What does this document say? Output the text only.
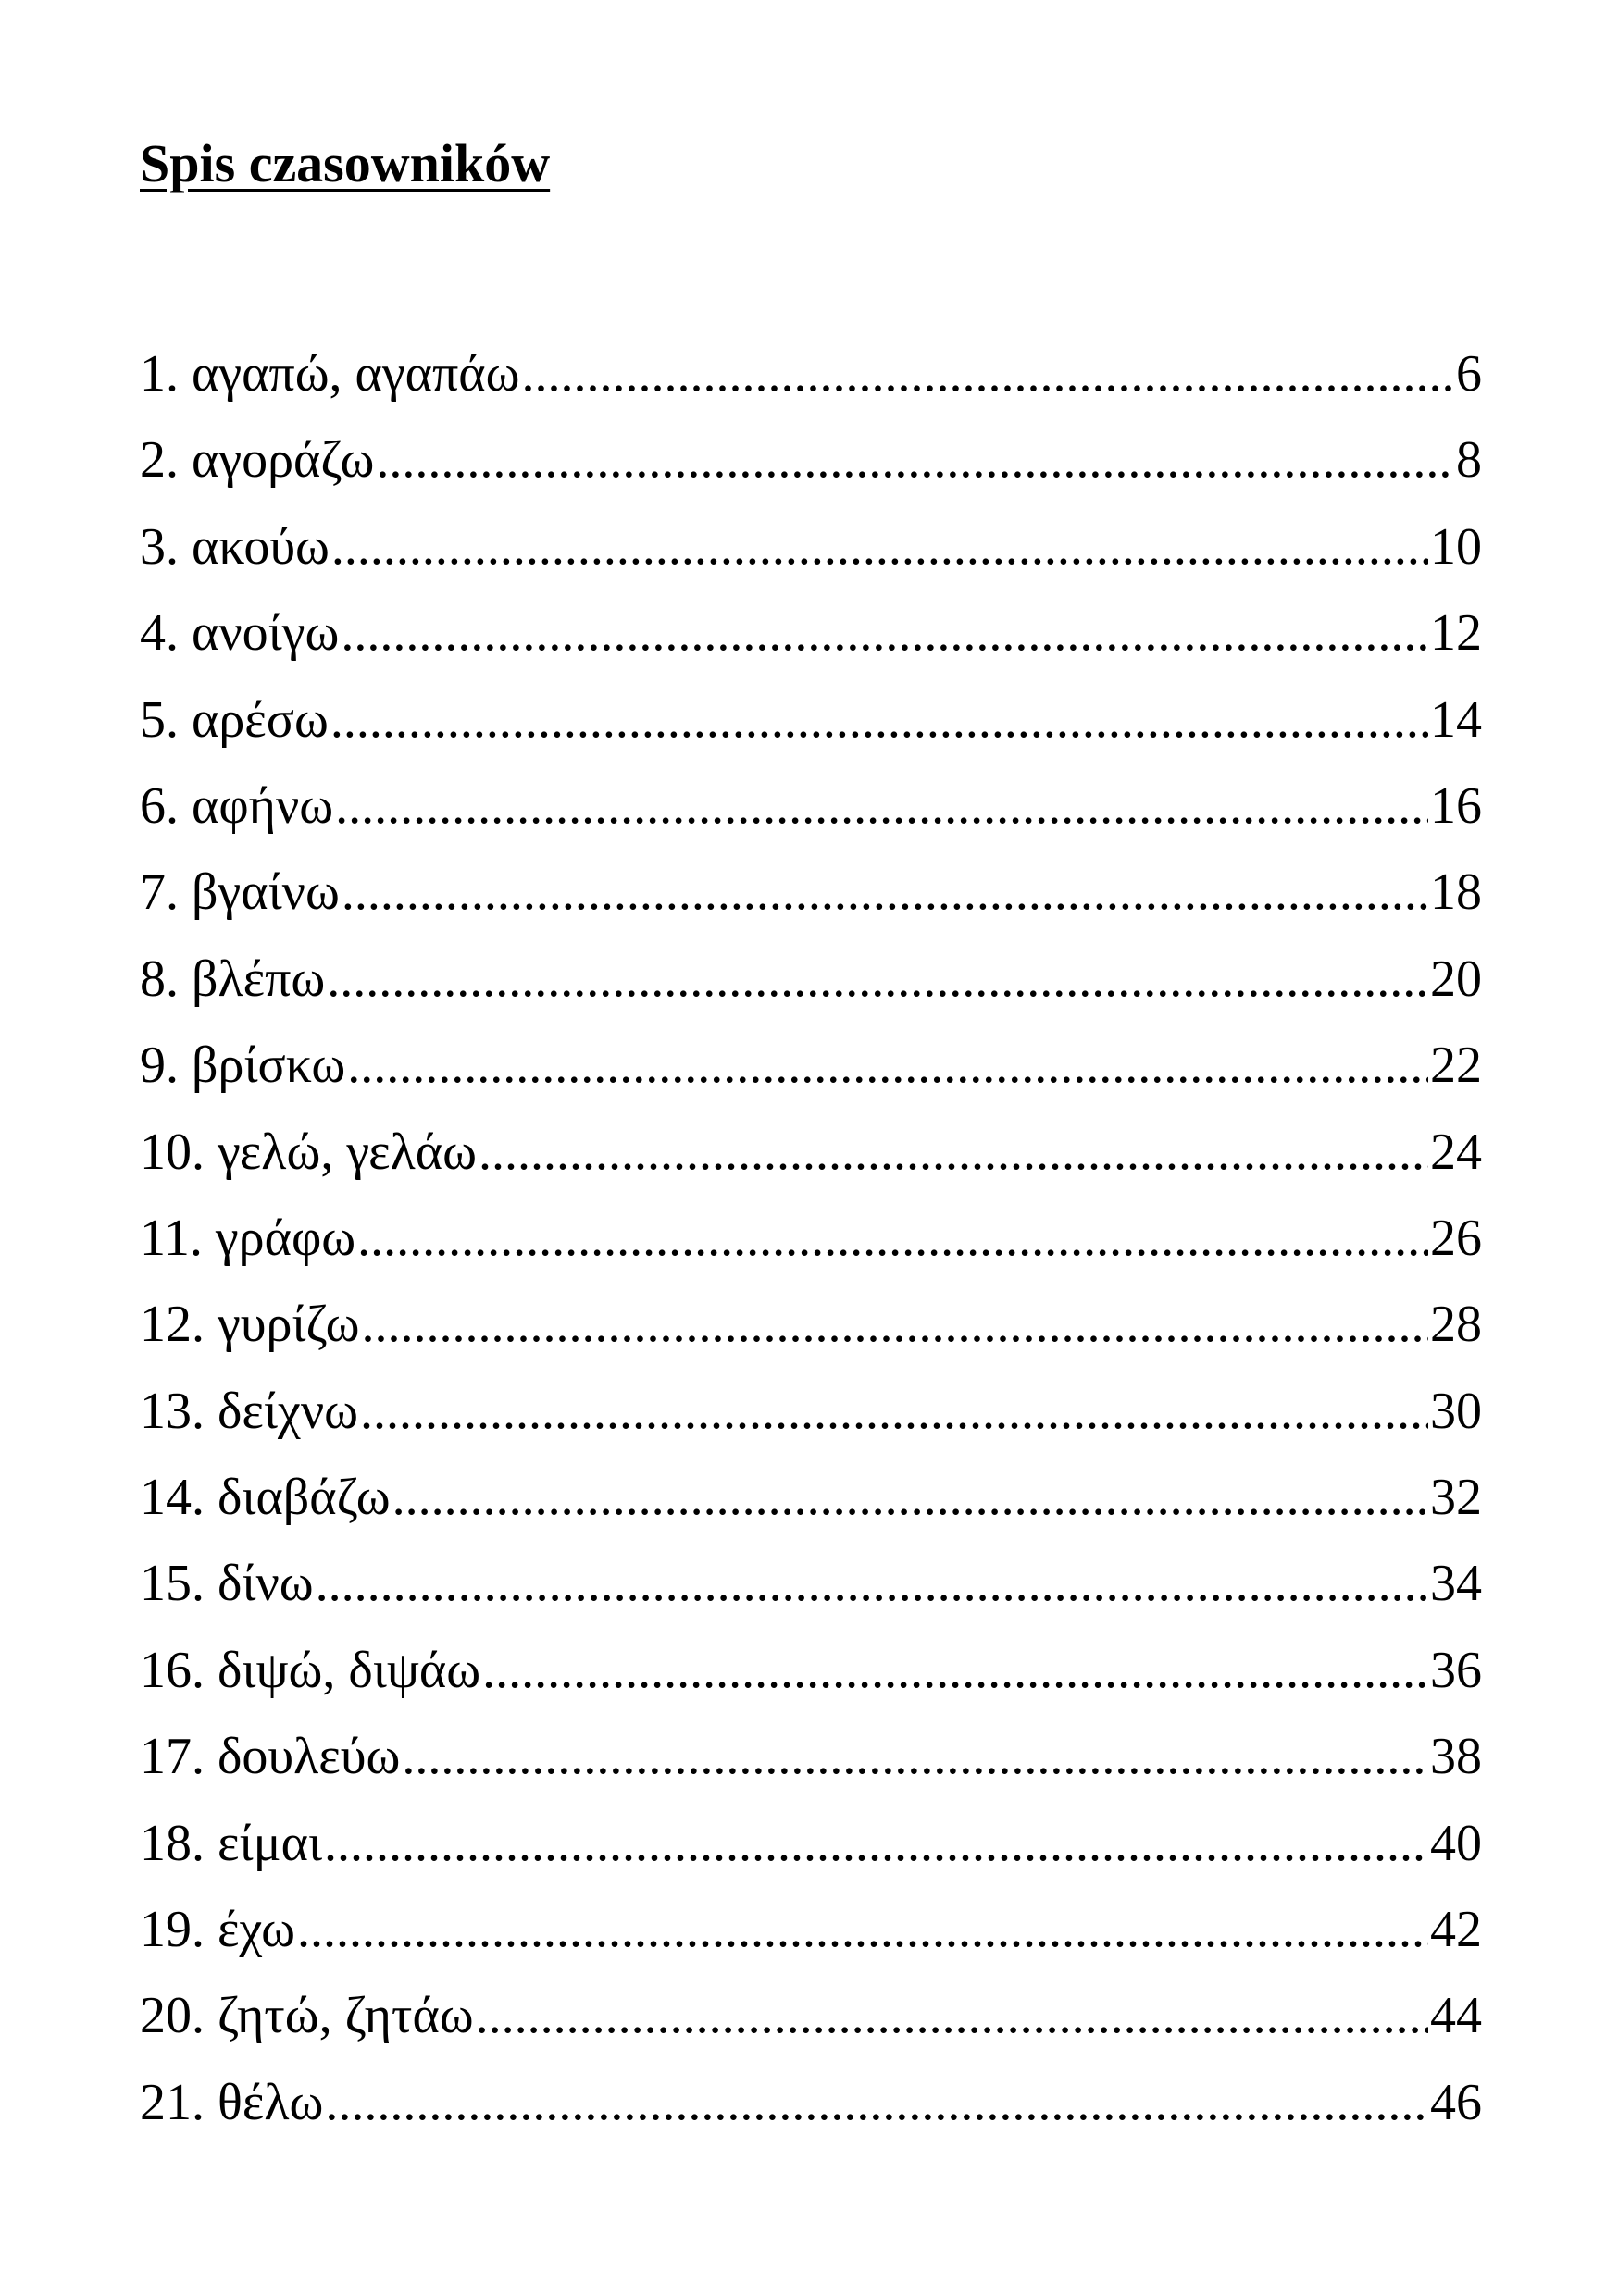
Spis czasowników
1. αγαπώ, αγαπάω .....	6
2. αγοράζω .....	8
3. ακούω .....	10
4. ανοίγω .....	12
5. αρέσω .....	14
6. αφήνω .....	16
7. βγαίνω .....	18
8. βλέπω .....	20
9. βρίσκω .....	22
10. γελώ, γελάω .....	24
11. γράφω .....	26
12. γυρίζω .....	28
13. δείχνω .....	30
14. διαβάζω .....	32
15. δίνω .....	34
16. διψώ, διψάω .....	36
17. δουλεύω .....	38
18. είμαι .....	40
19. έχω .....	42
20. ζητώ, ζητάω .....	44
21. θέλω .....	46
